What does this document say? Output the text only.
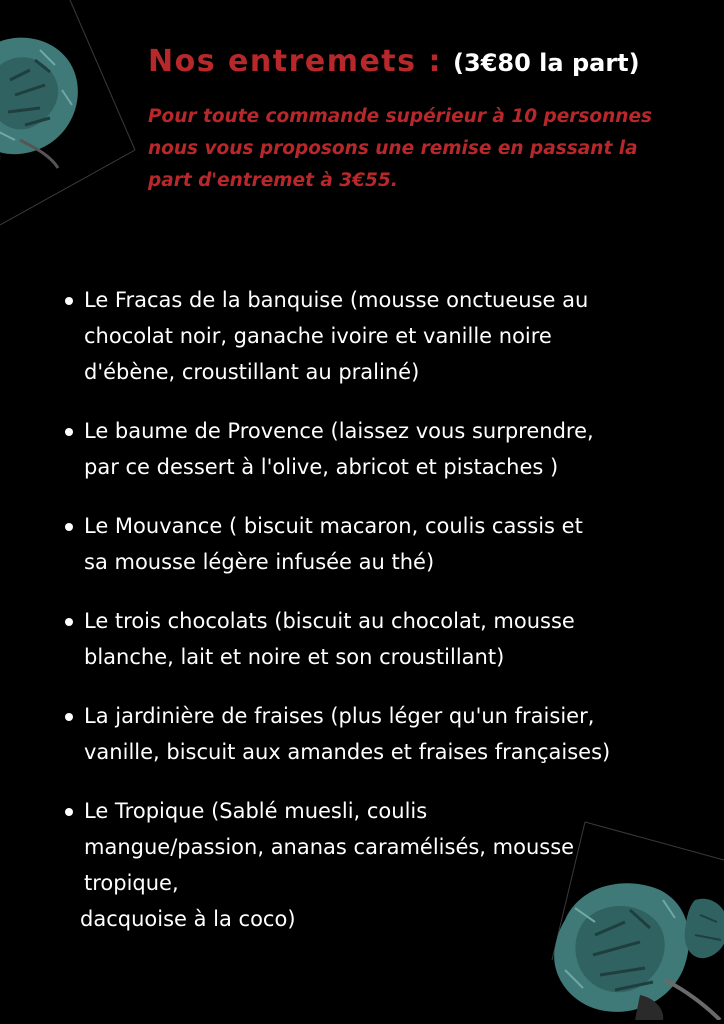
Nos entremets : (3€80 la part)
Pour toute commande supérieur à 10 personnes
nous vous proposons une remise en passant la
part d'entremet à 3€55.
Le Fracas de la banquise (mousse onctueuse au
chocolat noir, ganache ivoire et vanille noire
d'ébène, croustillant au praliné)
Le baume de Provence (laissez vous surprendre,
par ce dessert à l'olive, abricot et pistaches )
Le Mouvance ( biscuit macaron, coulis cassis et
sa mousse légère infusée au thé)
Le trois chocolats (biscuit au chocolat, mousse
blanche, lait et noire et son croustillant)
La jardinière de fraises (plus léger qu'un fraisier,
vanille, biscuit aux amandes et fraises françaises)
Le Tropique (Sablé muesli, coulis
mangue/passion, ananas caramélisés, mousse
tropique,
dacquoise à la coco)
